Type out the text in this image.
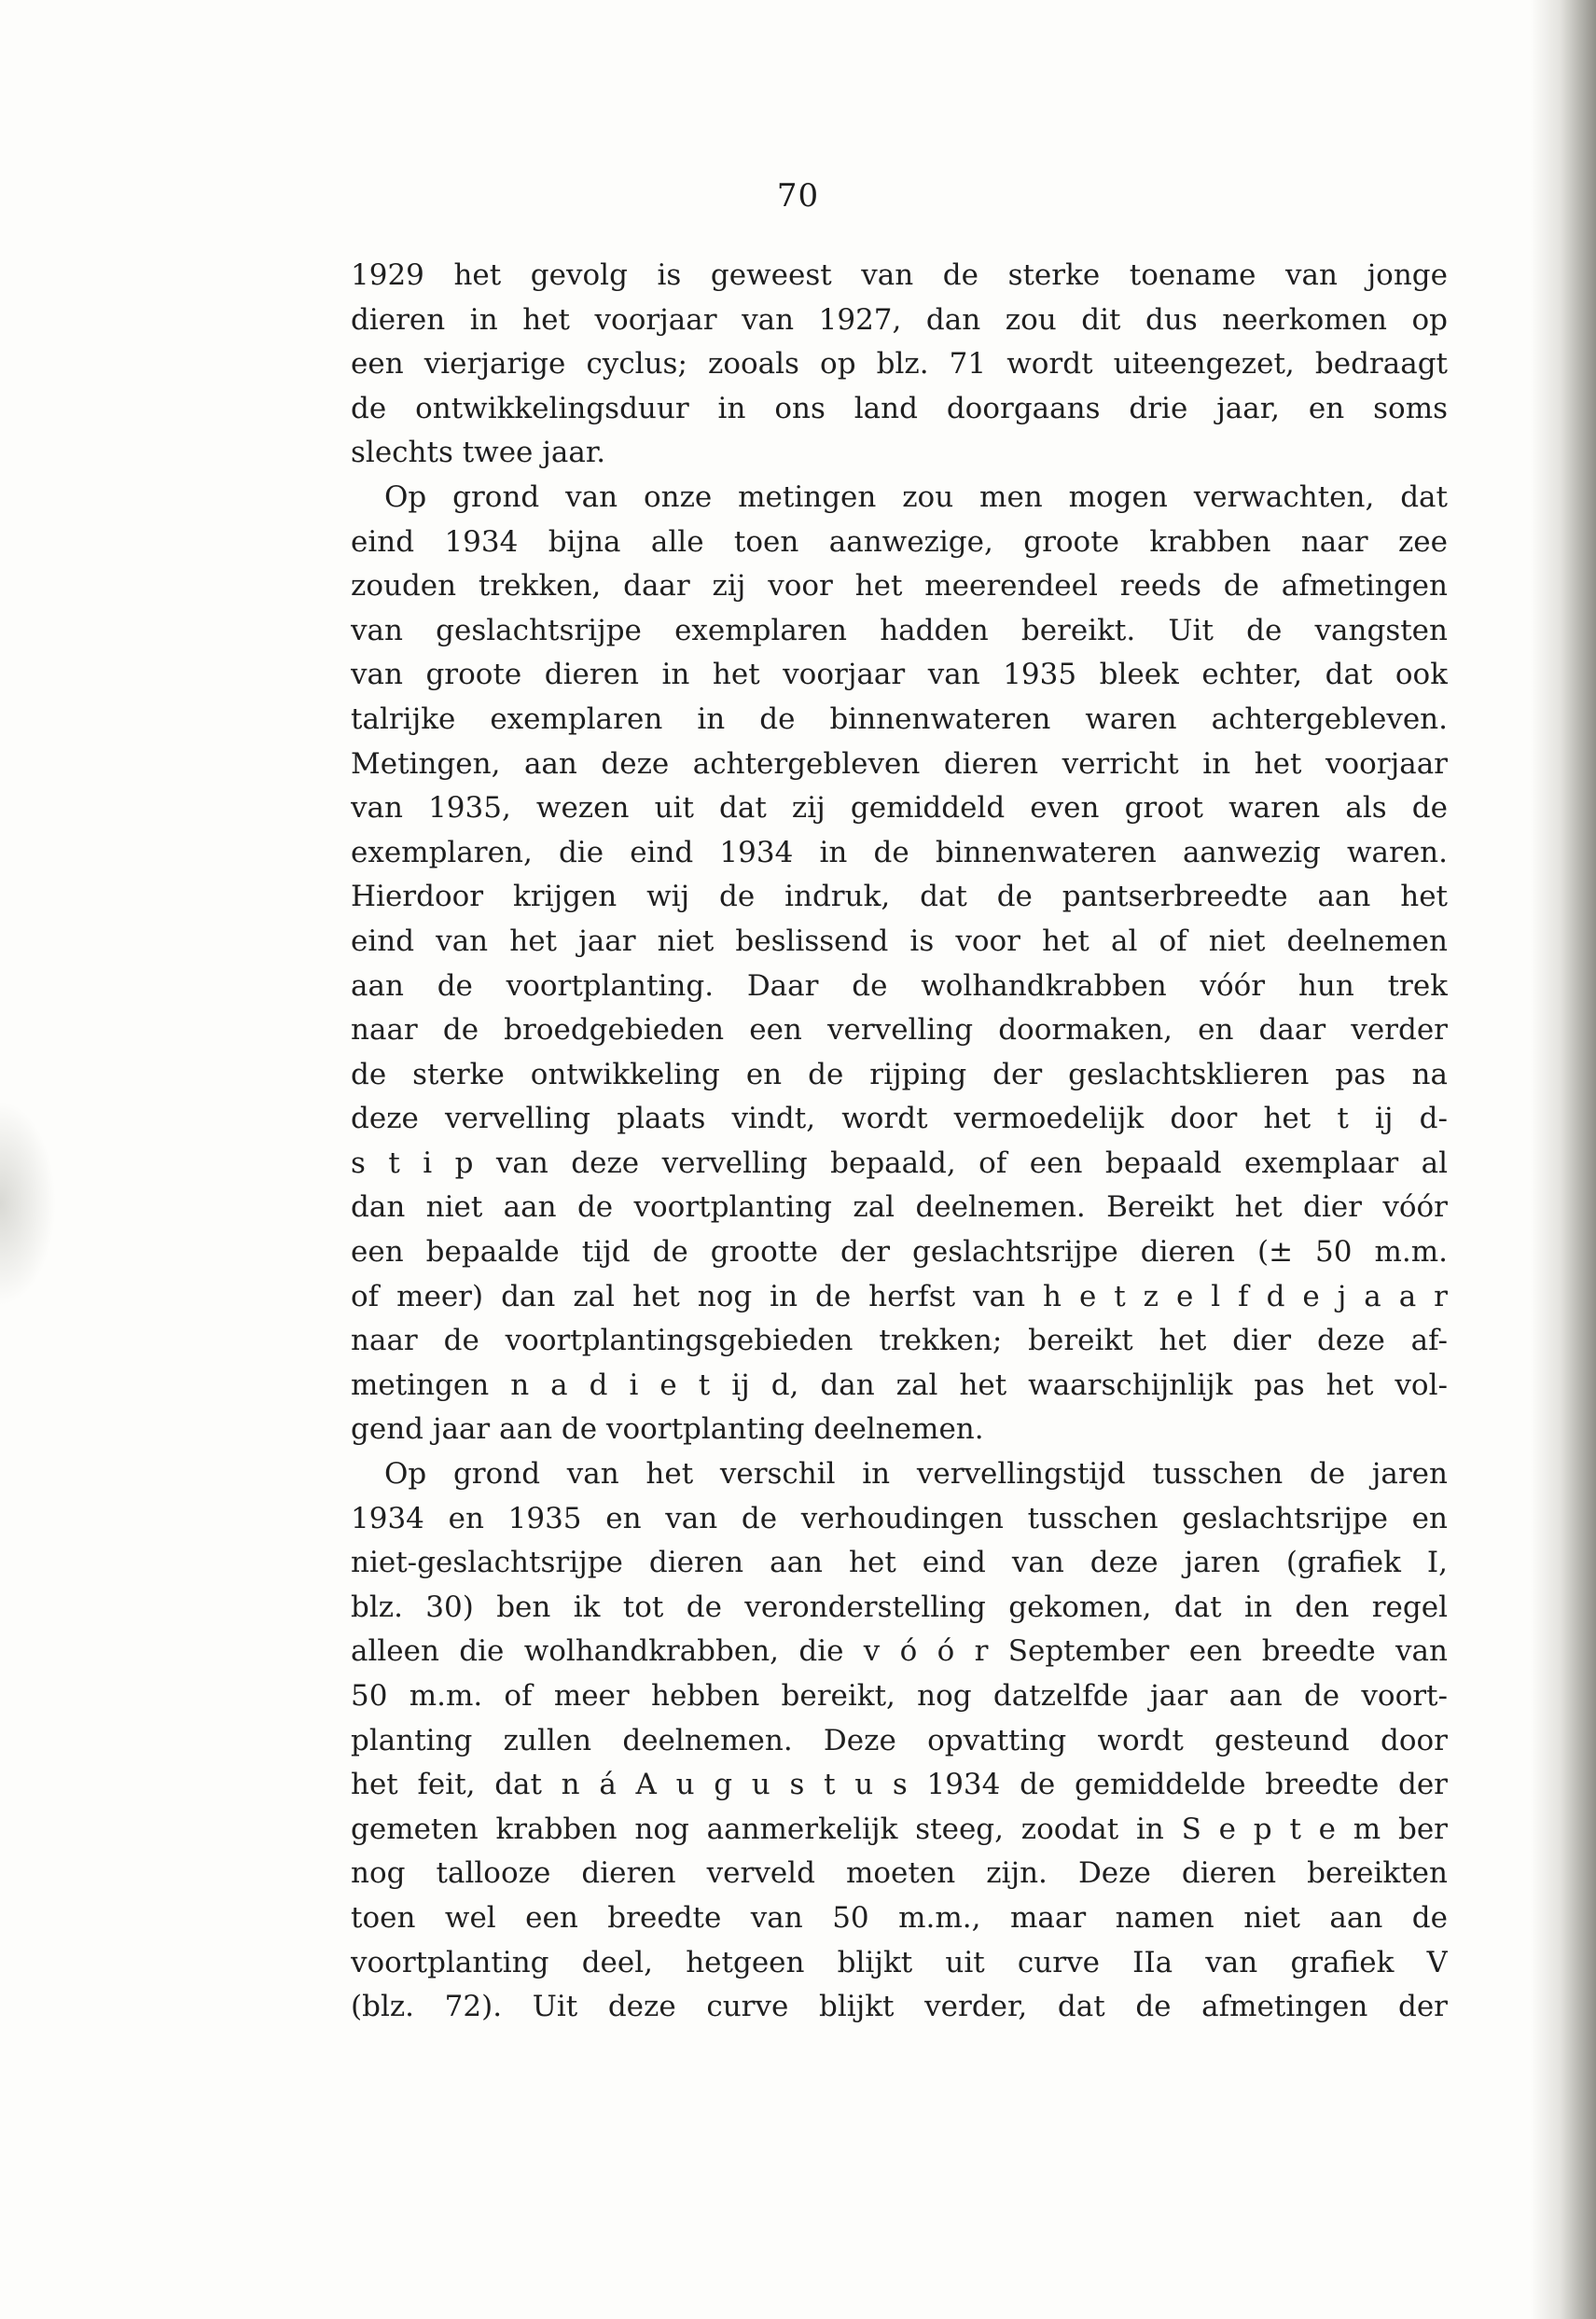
70
1929 het gevolg is geweest van de sterke toename van jonge
dieren in het voorjaar van 1927, dan zou dit dus neerkomen op
een vierjarige cyclus; zooals op blz. 71 wordt uiteengezet, bedraagt
de ontwikkelingsduur in ons land doorgaans drie jaar, en soms
slechts twee jaar.
Op grond van onze metingen zou men mogen verwachten, dat
eind 1934 bijna alle toen aanwezige, groote krabben naar zee
zouden trekken, daar zij voor het meerendeel reeds de afmetingen
van geslachtsrijpe exemplaren hadden bereikt. Uit de vangsten
van groote dieren in het voorjaar van 1935 bleek echter, dat ook
talrijke exemplaren in de binnenwateren waren achtergebleven.
Metingen, aan deze achtergebleven dieren verricht in het voorjaar
van 1935, wezen uit dat zij gemiddeld even groot waren als de
exemplaren, die eind 1934 in de binnenwateren aanwezig waren.
Hierdoor krijgen wij de indruk, dat de pantserbreedte aan het
eind van het jaar niet beslissend is voor het al of niet deelnemen
aan de voortplanting. Daar de wolhandkrabben vóór hun trek
naar de broedgebieden een vervelling doormaken, en daar verder
de sterke ontwikkeling en de rijping der geslachtsklieren pas na
deze vervelling plaats vindt, wordt vermoedelijk door het t ij d-
s t i p van deze vervelling bepaald, of een bepaald exemplaar al
dan niet aan de voortplanting zal deelnemen. Bereikt het dier vóór
een bepaalde tijd de grootte der geslachtsrijpe dieren (± 50 m.m.
of meer) dan zal het nog in de herfst van h e t z e l f d e j a a r
naar de voortplantingsgebieden trekken; bereikt het dier deze af-
metingen n a d i e t ij d, dan zal het waarschijnlijk pas het vol-
gend jaar aan de voortplanting deelnemen.
Op grond van het verschil in vervellingstijd tusschen de jaren
1934 en 1935 en van de verhoudingen tusschen geslachtsrijpe en
niet-geslachtsrijpe dieren aan het eind van deze jaren (grafiek I,
blz. 30) ben ik tot de veronderstelling gekomen, dat in den regel
alleen die wolhandkrabben, die v ó ó r September een breedte van
50 m.m. of meer hebben bereikt, nog datzelfde jaar aan de voort-
planting zullen deelnemen. Deze opvatting wordt gesteund door
het feit, dat n á A u g u s t u s 1934 de gemiddelde breedte der
gemeten krabben nog aanmerkelijk steeg, zoodat in S e p t e m ber
nog tallooze dieren verveld moeten zijn. Deze dieren bereikten
toen wel een breedte van 50 m.m., maar namen niet aan de
voortplanting deel, hetgeen blijkt uit curve IIa van grafiek V
(blz. 72). Uit deze curve blijkt verder, dat de afmetingen der
